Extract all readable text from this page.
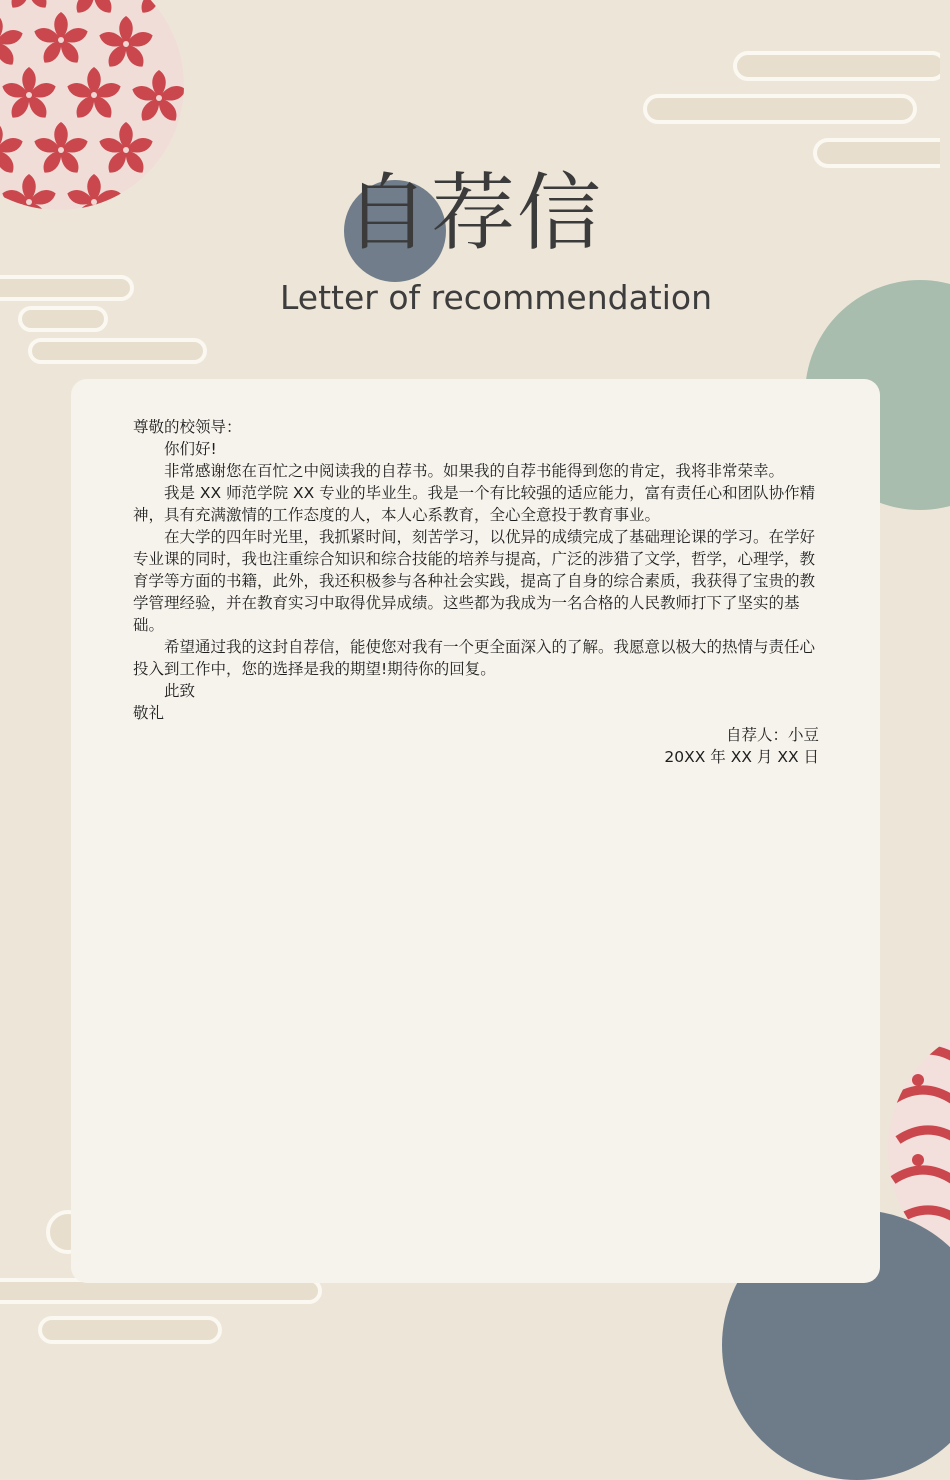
自荐信
Letter of recommendation

尊敬的校领导：

你们好!

非常感谢您在百忙之中阅读我的自荐书。如果我的自荐书能得到您的肯定，我将非常荣幸。

我是 XX 师范学院 XX 专业的毕业生。我是一个有比较强的适应能力，富有责任心和团队协作精神，具有充满激情的工作态度的人，本人心系教育，全心全意投于教育事业。

在大学的四年时光里，我抓紧时间，刻苦学习，以优异的成绩完成了基础理论课的学习。在学好专业课的同时，我也注重综合知识和综合技能的培养与提高，广泛的涉猎了文学，哲学，心理学，教育学等方面的书籍，此外，我还积极参与各种社会实践，提高了自身的综合素质，我获得了宝贵的教学管理经验，并在教育实习中取得优异成绩。这些都为我成为一名合格的人民教师打下了坚实的基础。

希望通过我的这封自荐信，能使您对我有一个更全面深入的了解。我愿意以极大的热情与责任心投入到工作中，您的选择是我的期望!期待你的回复。

此致

敬礼

自荐人：小豆

20XX 年 XX 月 XX 日
